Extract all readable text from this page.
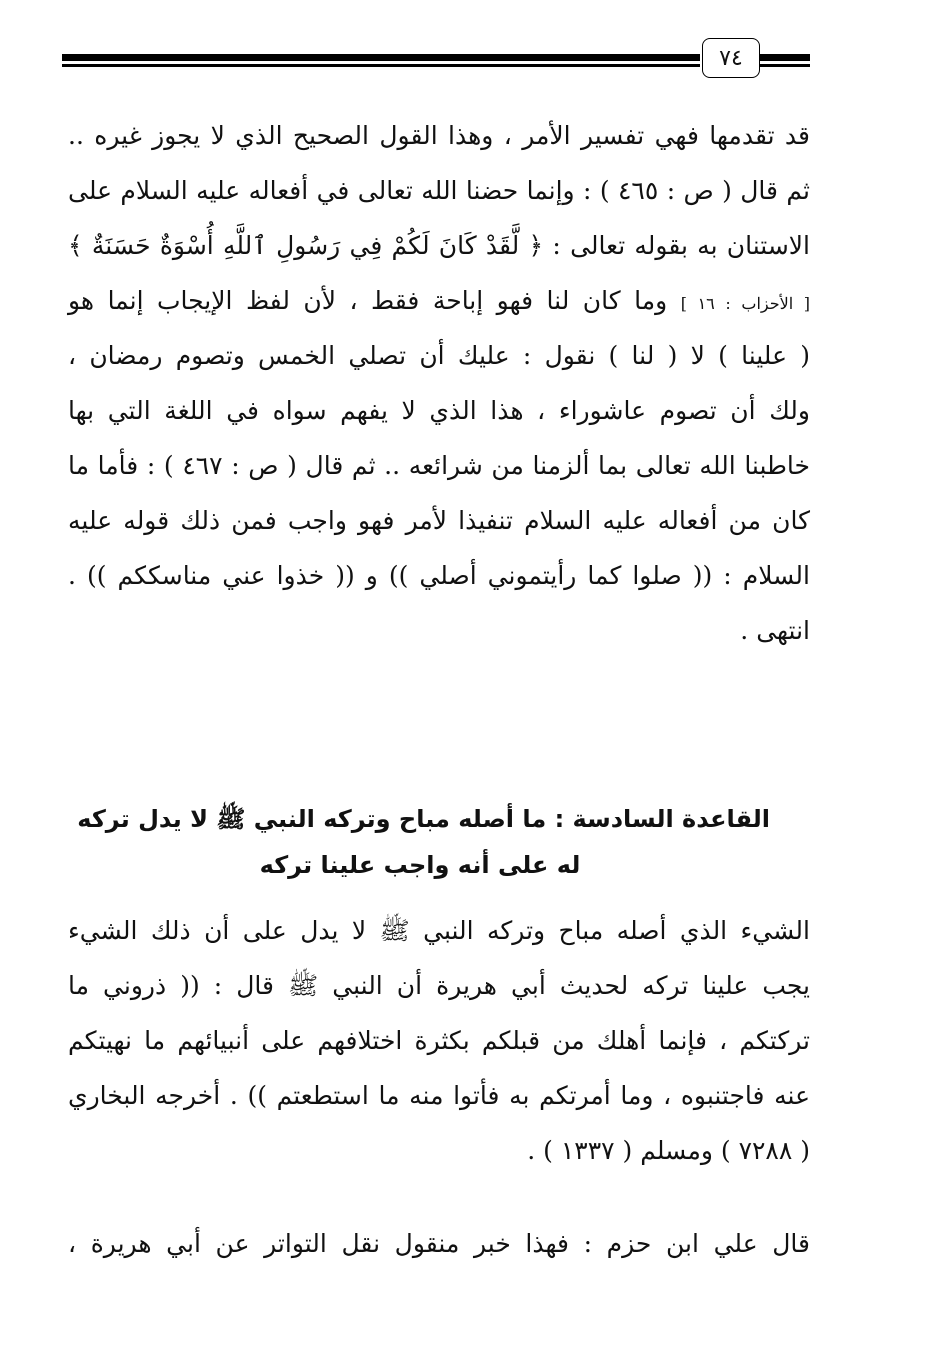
٧٤
قد تقدمها فهي تفسير الأمر ، وهذا القول الصحيح الذي لا يجوز غيره ..
ثم قال ( ص : ٤٦٥ ) : وإنما حضنا الله تعالى في أفعاله عليه السلام على
الاستنان به بقوله تعالى : ﴿ لَّقَدْ كَانَ لَكُمْ فِي رَسُولِ ٱللَّهِ أُسْوَةٌ حَسَنَةٌ ﴾
[ الأحزاب : ١٦ ] وما كان لنا فهو إباحة فقط ، لأن لفظ الإيجاب إنما هو
( علينا ) لا ( لنا ) نقول : عليك أن تصلي الخمس وتصوم رمضان ،
ولك أن تصوم عاشوراء ، هذا الذي لا يفهم سواه في اللغة التي بها
خاطبنا الله تعالى بما ألزمنا من شرائعه .. ثم قال ( ص : ٤٦٧ ) : فأما ما
كان من أفعاله عليه السلام تنفيذا لأمر فهو واجب فمن ذلك قوله عليه
السلام : (( صلوا كما رأيتموني أصلي )) و (( خذوا عني مناسككم )) .
انتهى .
القاعدة السادسة : ما أصله مباح وتركه النبي ﷺ لا يدل تركه
له على أنه واجب علينا تركه
الشيء الذي أصله مباح وتركه النبي ﷺ لا يدل على أن ذلك الشيء
يجب علينا تركه لحديث أبي هريرة أن النبي ﷺ قال : (( ذروني ما
تركتكم ، فإنما أهلك من قبلكم بكثرة اختلافهم على أنبيائهم ما نهيتكم
عنه فاجتنبوه ، وما أمرتكم به فأتوا منه ما استطعتم )) . أخرجه البخاري
( ٧٢٨٨ ) ومسلم ( ١٣٣٧ ) .
قال علي ابن حزم : فهذا خبر منقول نقل التواتر عن أبي هريرة ،
